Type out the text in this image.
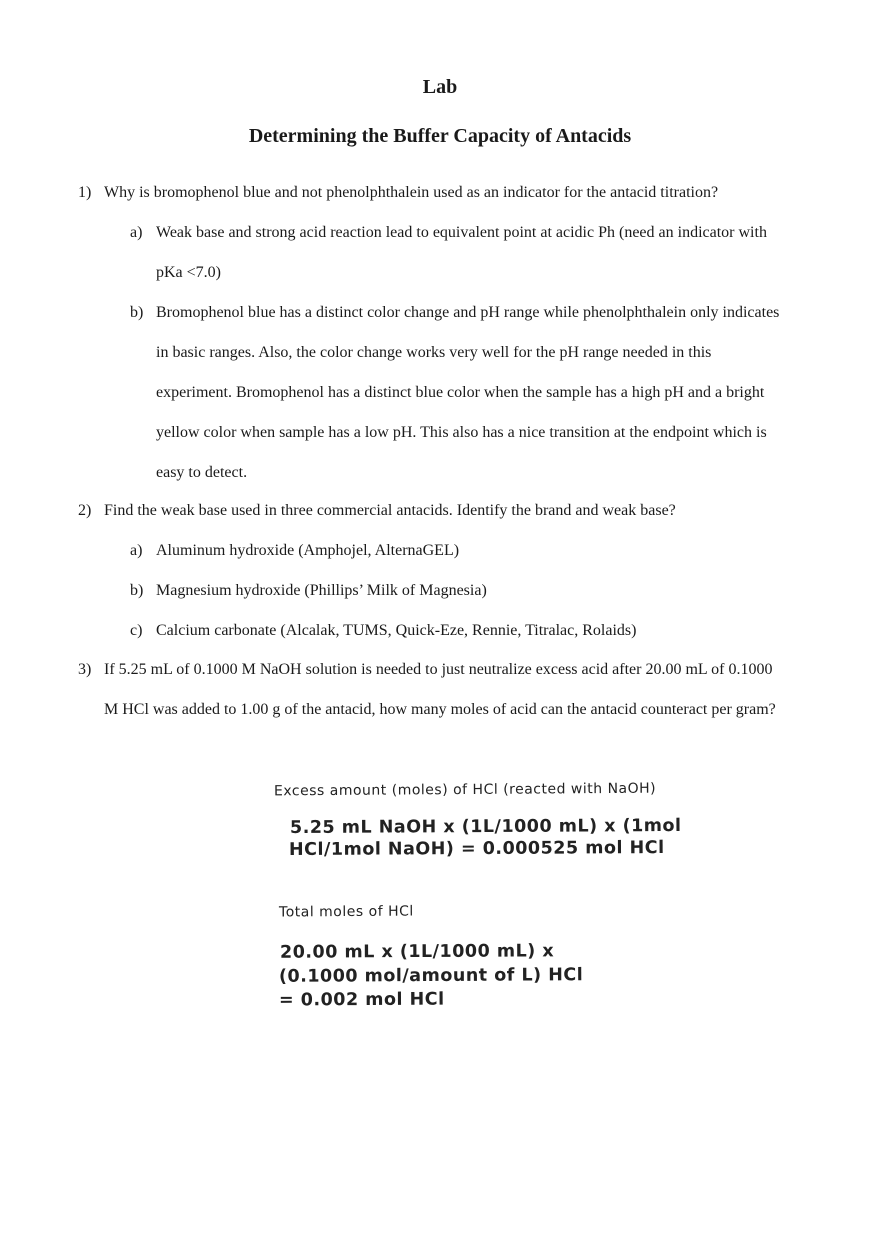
Lab
Determining the Buffer Capacity of Antacids
1) Why is bromophenol blue and not phenolphthalein used as an indicator for the antacid titration?
a) Weak base and strong acid reaction lead to equivalent point at acidic Ph (need an indicator with pKa <7.0)
b) Bromophenol blue has a distinct color change and pH range while phenolphthalein only indicates in basic ranges. Also, the color change works very well for the pH range needed in this experiment. Bromophenol has a distinct blue color when the sample has a high pH and a bright yellow color when sample has a low pH. This also has a nice transition at the endpoint which is easy to detect.
2) Find the weak base used in three commercial antacids. Identify the brand and weak base?
a) Aluminum hydroxide (Amphojel, AlternaGEL)
b) Magnesium hydroxide (Phillips’ Milk of Magnesia)
c) Calcium carbonate (Alcalak, TUMS, Quick-Eze, Rennie, Titralac, Rolaids)
3) If 5.25 mL of 0.1000 M NaOH solution is needed to just neutralize excess acid after 20.00 mL of 0.1000 M HCl was added to 1.00 g of the antacid, how many moles of acid can the antacid counteract per gram?
Excess amount (moles) of HCl (reacted with NaOH)
5.25 mL NaOH x (1L/1000 mL) x (1mol
HCl/1mol NaOH) = 0.000525 mol HCl
Total moles of HCl
20.00 mL x (1L/1000 mL) x
(0.1000 mol/amount of L) HCl
= 0.002 mol HCl
